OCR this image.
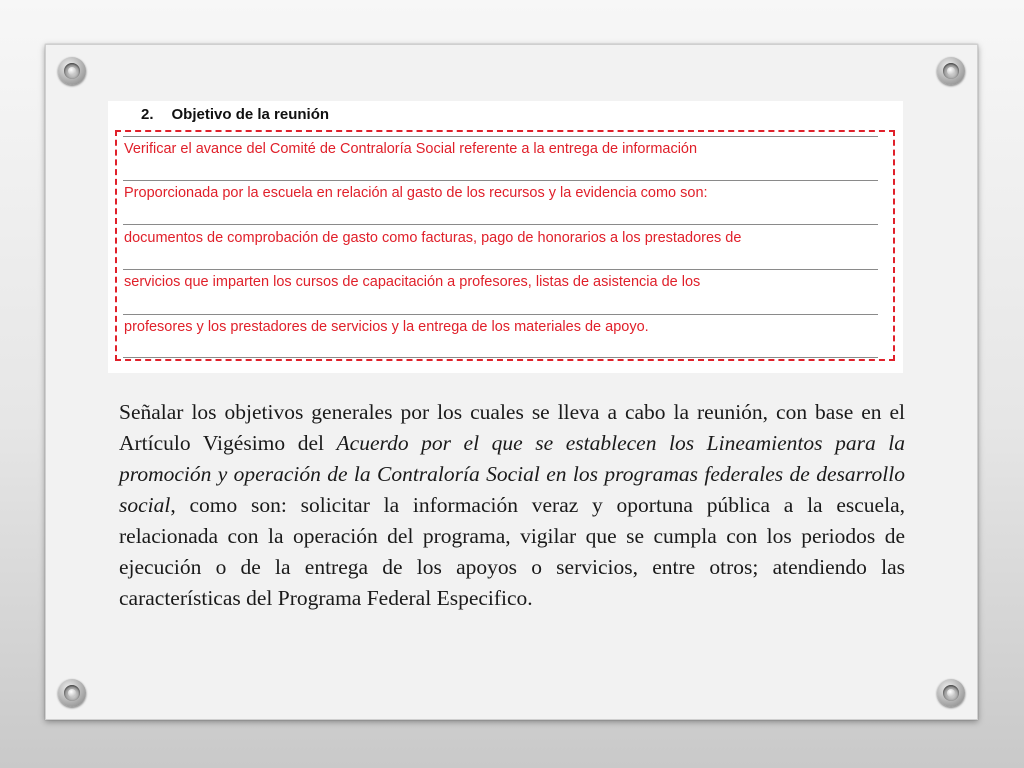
2. Objetivo de la reunión
Verificar el avance del Comité de Contraloría Social referente a la entrega de información
Proporcionada por la escuela en relación al gasto de los recursos y la evidencia como son:
documentos de comprobación de gasto como facturas, pago de honorarios a los prestadores de
servicios que imparten los cursos de capacitación a profesores, listas de asistencia de los
profesores y los prestadores de servicios y la entrega de los materiales de apoyo.

Señalar los objetivos generales por los cuales se lleva a cabo la reunión, con base en el Artículo Vigésimo del Acuerdo por el que se establecen los Lineamientos para la promoción y operación de la Contraloría Social en los programas federales de desarrollo social, como son: solicitar la información veraz y oportuna pública a la escuela, relacionada con la operación del programa, vigilar que se cumpla con los periodos de ejecución o de la entrega de los apoyos o servicios, entre otros; atendiendo las características del Programa Federal Especifico.
